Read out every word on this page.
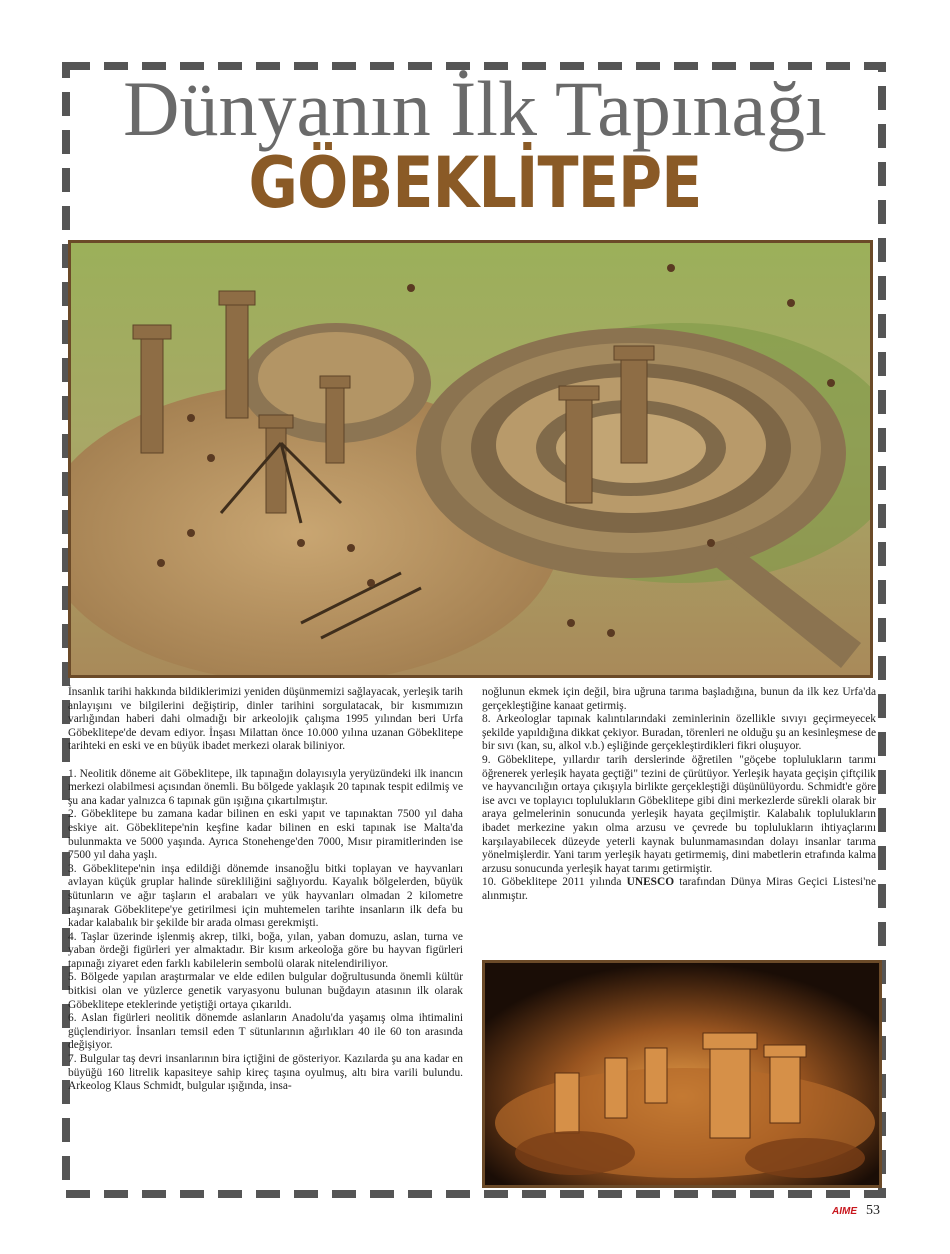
Dünyanın İlk Tapınağı
GÖBEKLİTEPE

İnsanlık tarihi hakkında bildiklerimizi yeniden düşünmemizi sağlayacak, yerleşik tarih anlayışını ve bilgilerini değiştirip, dinler tarihini sorgulatacak, bir kısmımızın varlığından haberi dahi olmadığı bir arkeolojik çalışma 1995 yılından beri Urfa Göbeklitepe'de devam ediyor. İnşası Milattan önce 10.000 yılına uzanan Göbeklitepe tarihteki en eski ve en büyük ibadet merkezi olarak biliniyor.

1. Neolitik döneme ait Göbeklitepe, ilk tapınağın dolayısıyla yeryüzündeki ilk inancın merkezi olabilmesi açısından önemli. Bu bölgede yaklaşık 20 tapınak tespit edilmiş ve şu ana kadar yalnızca 6 tapınak gün ışığına çıkartılmıştır.

2. Göbeklitepe bu zamana kadar bilinen en eski yapıt ve tapınaktan 7500 yıl daha eskiye ait. Göbeklitepe'nin keşfine kadar bilinen en eski tapınak ise Malta'da bulunmakta ve 5000 yaşında. Ayrıca Stonehenge'den 7000, Mısır piramitlerinden ise 7500 yıl daha yaşlı.

3. Göbeklitepe'nin inşa edildiği dönemde insanoğlu bitki toplayan ve hayvanları avlayan küçük gruplar halinde sürekliliğini sağlıyordu. Kayalık bölgelerden, büyük sütunların ve ağır taşların el arabaları ve yük hayvanları olmadan 2 kilometre taşınarak Göbeklitepe'ye getirilmesi için muhtemelen tarihte insanların ilk defa bu kadar kalabalık bir şekilde bir arada olması gerekmişti.

4. Taşlar üzerinde işlenmiş akrep, tilki, boğa, yılan, yaban domuzu, aslan, turna ve yaban ördeği figürleri yer almaktadır. Bir kısım arkeoloğa göre bu hayvan figürleri tapınağı ziyaret eden farklı kabilelerin sembolü olarak nitelendiriliyor.

5. Bölgede yapılan araştırmalar ve elde edilen bulgular doğrultusunda önemli kültür bitkisi olan ve yüzlerce genetik varyasyonu bulunan buğdayın atasının ilk olarak Göbeklitepe eteklerinde yetiştiği ortaya çıkarıldı.

6. Aslan figürleri neolitik dönemde aslanların Anadolu'da yaşamış olma ihtimalini güçlendiriyor. İnsanları temsil eden T sütunlarının ağırlıkları 40 ile 60 ton arasında değişiyor.

7. Bulgular taş devri insanlarının bira içtiğini de gösteriyor. Kazılarda şu ana kadar en büyüğü 160 litrelik kapasiteye sahip kireç taşına oyulmuş, altı bira varili bulundu. Arkeolog Klaus Schmidt, bulgular ışığında, insa-

noğlunun ekmek için değil, bira uğruna tarıma başladığına, bunun da ilk kez Urfa'da gerçekleştiğine kanaat getirmiş.

8. Arkeologlar tapınak kalıntılarındaki zeminlerinin özellikle sıvıyı geçirmeyecek şekilde yapıldığına dikkat çekiyor. Buradan, törenleri ne olduğu şu an kesinleşmese de bir sıvı (kan, su, alkol v.b.) eşliğinde gerçekleştirdikleri fikri oluşuyor.

9. Göbeklitepe, yıllardır tarih derslerinde öğretilen "göçebe toplulukların tarımı öğrenerek yerleşik hayata geçtiği" tezini de çürütüyor. Yerleşik hayata geçişin çiftçilik ve hayvancılığın ortaya çıkışıyla birlikte gerçekleştiği düşünülüyordu. Schmidt'e göre ise avcı ve toplayıcı toplulukların Göbeklitepe gibi dini merkezlerde sürekli olarak bir araya gelmelerinin sonucunda yerleşik hayata geçilmiştir. Kalabalık toplulukların ibadet merkezine yakın olma arzusu ve çevrede bu toplulukların ihtiyaçlarını karşılayabilecek düzeyde yeterli kaynak bulunmamasından dolayı insanlar tarıma yönelmişlerdir. Yani tarım yerleşik hayatı getirmemiş, dini mabetlerin etrafında kalma arzusu sonucunda yerleşik hayat tarımı getirmiştir.

10. Göbeklitepe 2011 yılında UNESCO tarafından Dünya Miras Geçici Listesi'ne alınmıştır.

AIME 53
